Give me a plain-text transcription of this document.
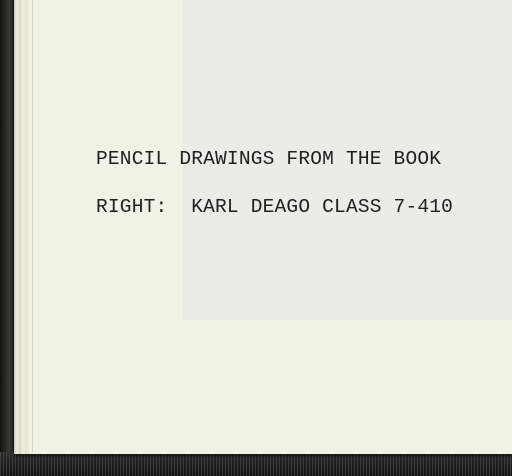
PENCIL DRAWINGS FROM THE BOOK

RIGHT:  KARL DEAGO CLASS 7-410
